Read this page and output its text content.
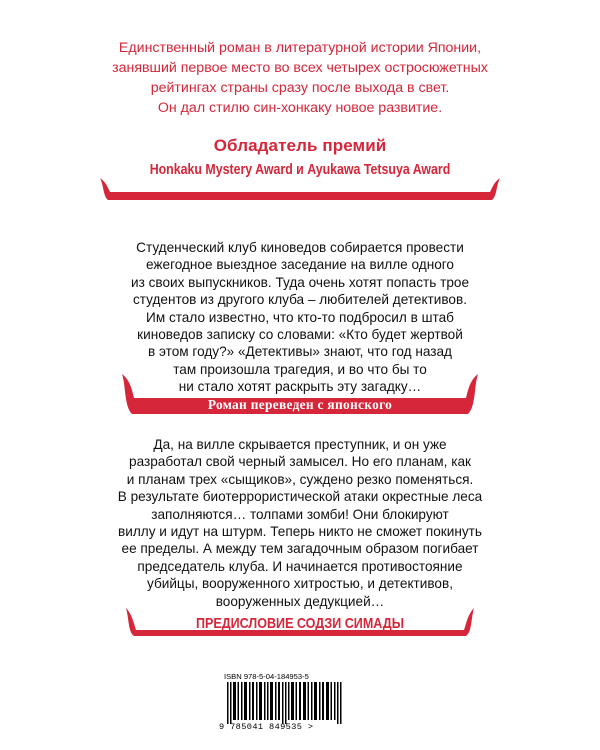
Единственный роман в литературной истории Японии,
занявший первое место во всех четырех остросюжетных
рейтингах страны сразу после выхода в свет.
Он дал стилю син-хонкаку новое развитие.
Обладатель премий
Honkaku Mystery Award и Ayukawa Tetsuya Award
Студенческий клуб киноведов собирается провести
ежегодное выездное заседание на вилле одного
из своих выпускников. Туда очень хотят попасть трое
студентов из другого клуба – любителей детективов.
Им стало известно, что кто-то подбросил в штаб
киноведов записку со словами: «Кто будет жертвой
в этом году?» «Детективы» знают, что год назад
там произошла трагедия, и во что бы то
ни стало хотят раскрыть эту загадку…
Роман переведен с японского
Да, на вилле скрывается преступник, и он уже
разработал свой черный замысел. Но его планам, как
и планам трех «сыщиков», суждено резко поменяться.
В результате биотеррористической атаки окрестные леса
заполняются… толпами зомби! Они блокируют
виллу и идут на штурм. Теперь никто не сможет покинуть
ее пределы. А между тем загадочным образом погибает
председатель клуба. И начинается противостояние
убийцы, вооруженного хитростью, и детективов,
вооруженных дедукцией…
ПРЕДИСЛОВИЕ СОДЗИ СИМАДЫ
ISBN 978-5-04-184953-5
9 785041 849535 >
